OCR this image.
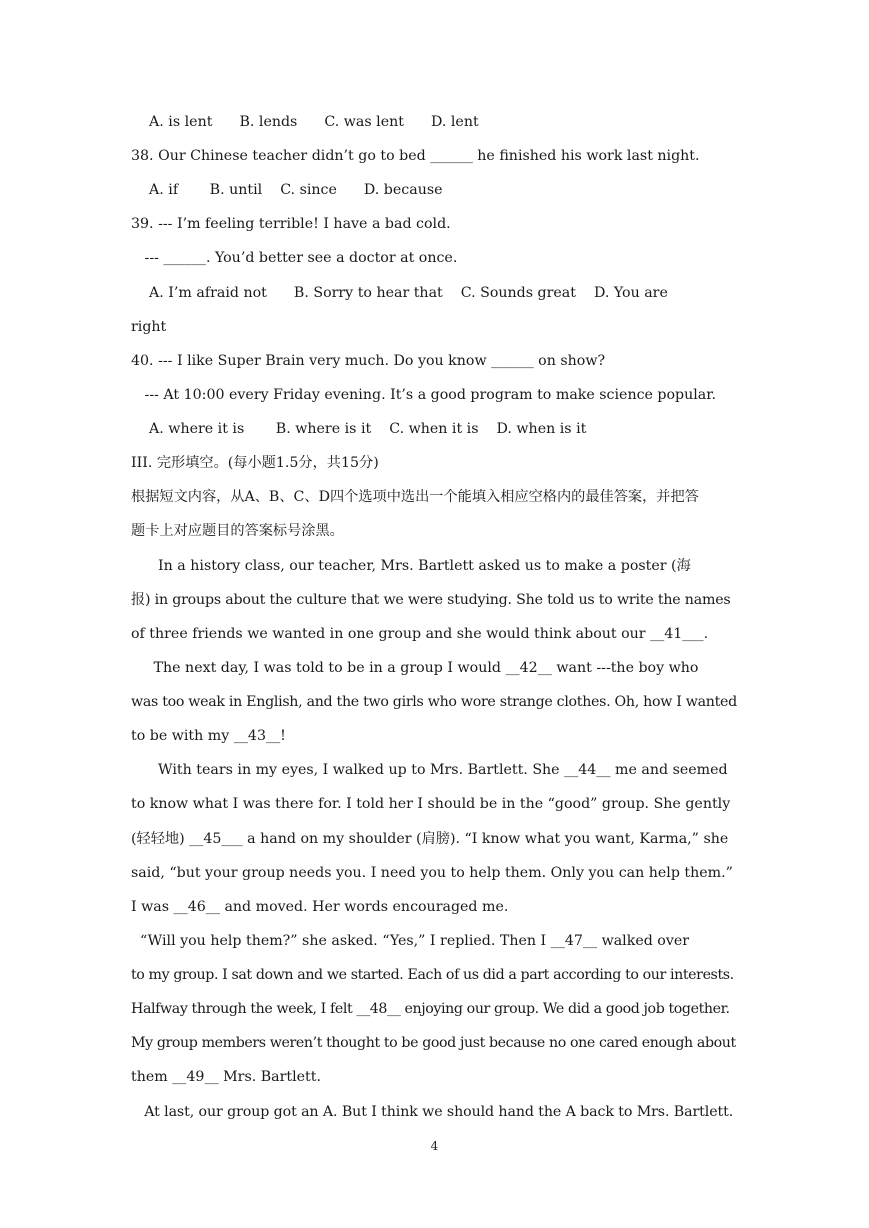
A. is lent      B. lends      C. was lent      D. lent
38. Our Chinese teacher didn’t go to bed ______ he finished his work last night.
A. if       B. until    C. since      D. because
39. --- I’m feeling terrible! I have a bad cold.
--- ______. You’d better see a doctor at once.
A. I’m afraid not      B. Sorry to hear that    C. Sounds great    D. You are
right
40. --- I like Super Brain very much. Do you know ______ on show?
--- At 10:00 every Friday evening. It’s a good program to make science popular.
A. where it is       B. where is it    C. when it is    D. when is it
III. 完形填空。(每小题1.5分，共15分)
根据短文内容，从A、B、C、D四个选项中选出一个能填入相应空格内的最佳答案，并把答
题卡上对应题目的答案标号涂黑。
In a history class, our teacher, Mrs. Bartlett asked us to make a poster (海
报) in groups about the culture that we were studying. She told us to write the names
of three friends we wanted in one group and she would think about our __41___.
The next day, I was told to be in a group I would __42__ want ---the boy who
was too weak in English, and the two girls who wore strange clothes. Oh, how I wanted
to be with my __43__!
With tears in my eyes, I walked up to Mrs. Bartlett. She __44__ me and seemed
to know what I was there for. I told her I should be in the “good” group. She gently
(轻轻地) __45___ a hand on my shoulder (肩膀). “I know what you want, Karma,” she
said, “but your group needs you. I need you to help them. Only you can help them.”
I was __46__ and moved. Her words encouraged me.
“Will you help them?” she asked. “Yes,” I replied. Then I __47__ walked over
to my group. I sat down and we started. Each of us did a part according to our interests.
Halfway through the week, I felt __48__ enjoying our group. We did a good job together.
My group members weren’t thought to be good just because no one cared enough about
them __49__ Mrs. Bartlett.
At last, our group got an A. But I think we should hand the A back to Mrs. Bartlett.
4
